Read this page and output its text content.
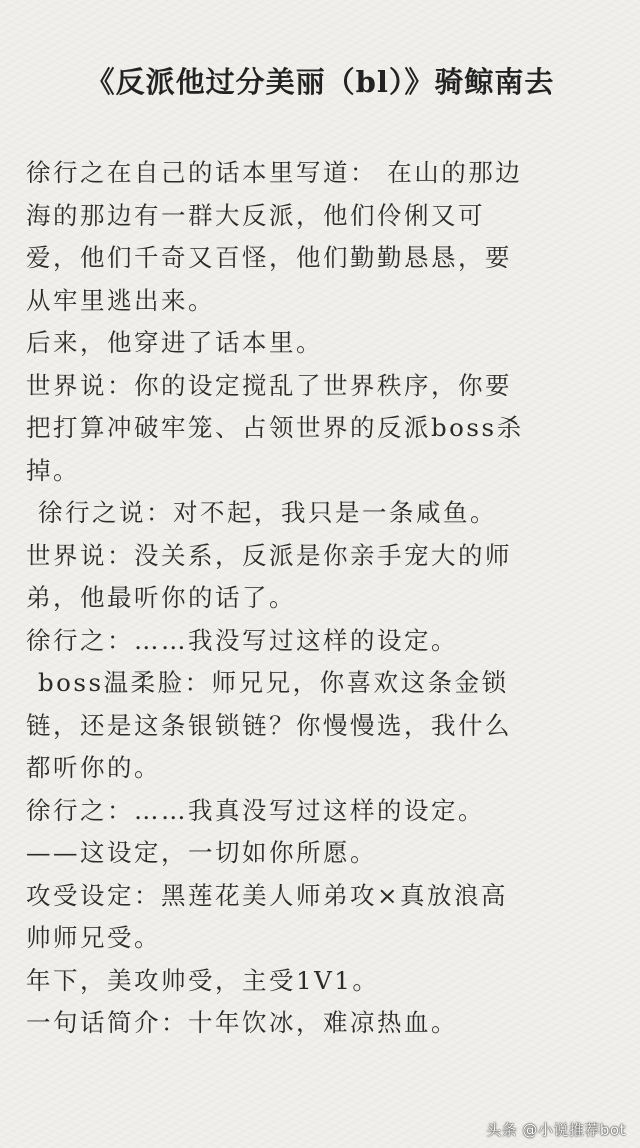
《反派他过分美丽（bl）》骑鲸南去
徐行之在自己的话本里写道： 在山的那边
海的那边有一群大反派，他们伶俐又可
爱，他们千奇又百怪，他们勤勤恳恳，要
从牢里逃出来。
后来，他穿进了话本里。
世界说：你的设定搅乱了世界秩序，你要
把打算冲破牢笼、占领世界的反派boss杀
掉。
徐行之说：对不起，我只是一条咸鱼。
世界说：没关系，反派是你亲手宠大的师
弟，他最听你的话了。
徐行之：……我没写过这样的设定。
boss温柔脸：师兄兄，你喜欢这条金锁
链，还是这条银锁链？你慢慢选，我什么
都听你的。
徐行之：……我真没写过这样的设定。
——这设定，一切如你所愿。
攻受设定：黑莲花美人师弟攻×真放浪高
帅师兄受。
年下，美攻帅受，主受1V1。
一句话简介：十年饮冰，难凉热血。
头条 @小说推荐bot
